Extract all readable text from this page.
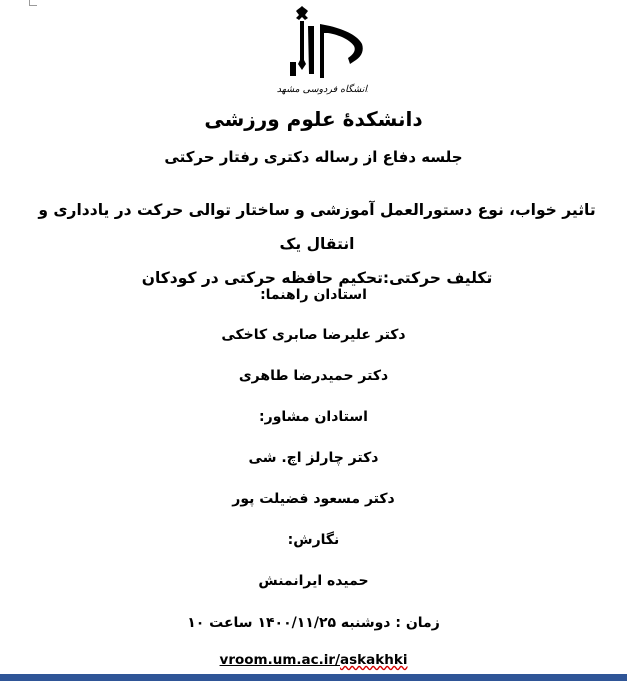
دانشگاه فردوسی مشهد
دانشکدهٔ علوم ورزشی
جلسه دفاع از رساله دکتری رفتار حرکتی
تاثیر خواب، نوع دستورالعمل آموزشی و ساختار توالی حرکت در یادداری و انتقال یک
تکلیف حرکتی:تحکیم حافظه حرکتی در کودکان
استادان راهنما:
دکتر علیرضا صابری کاخکی
دکتر حمیدرضا طاهری
استادان مشاور:
دکتر چارلز اچ. شی
دکتر مسعود فضیلت پور
نگارش:
حمیده ایرانمنش
زمان : دوشنبه ۱۴۰۰/۱۱/۲۵ ساعت ۱۰
vroom.um.ac.ir/askakhki
